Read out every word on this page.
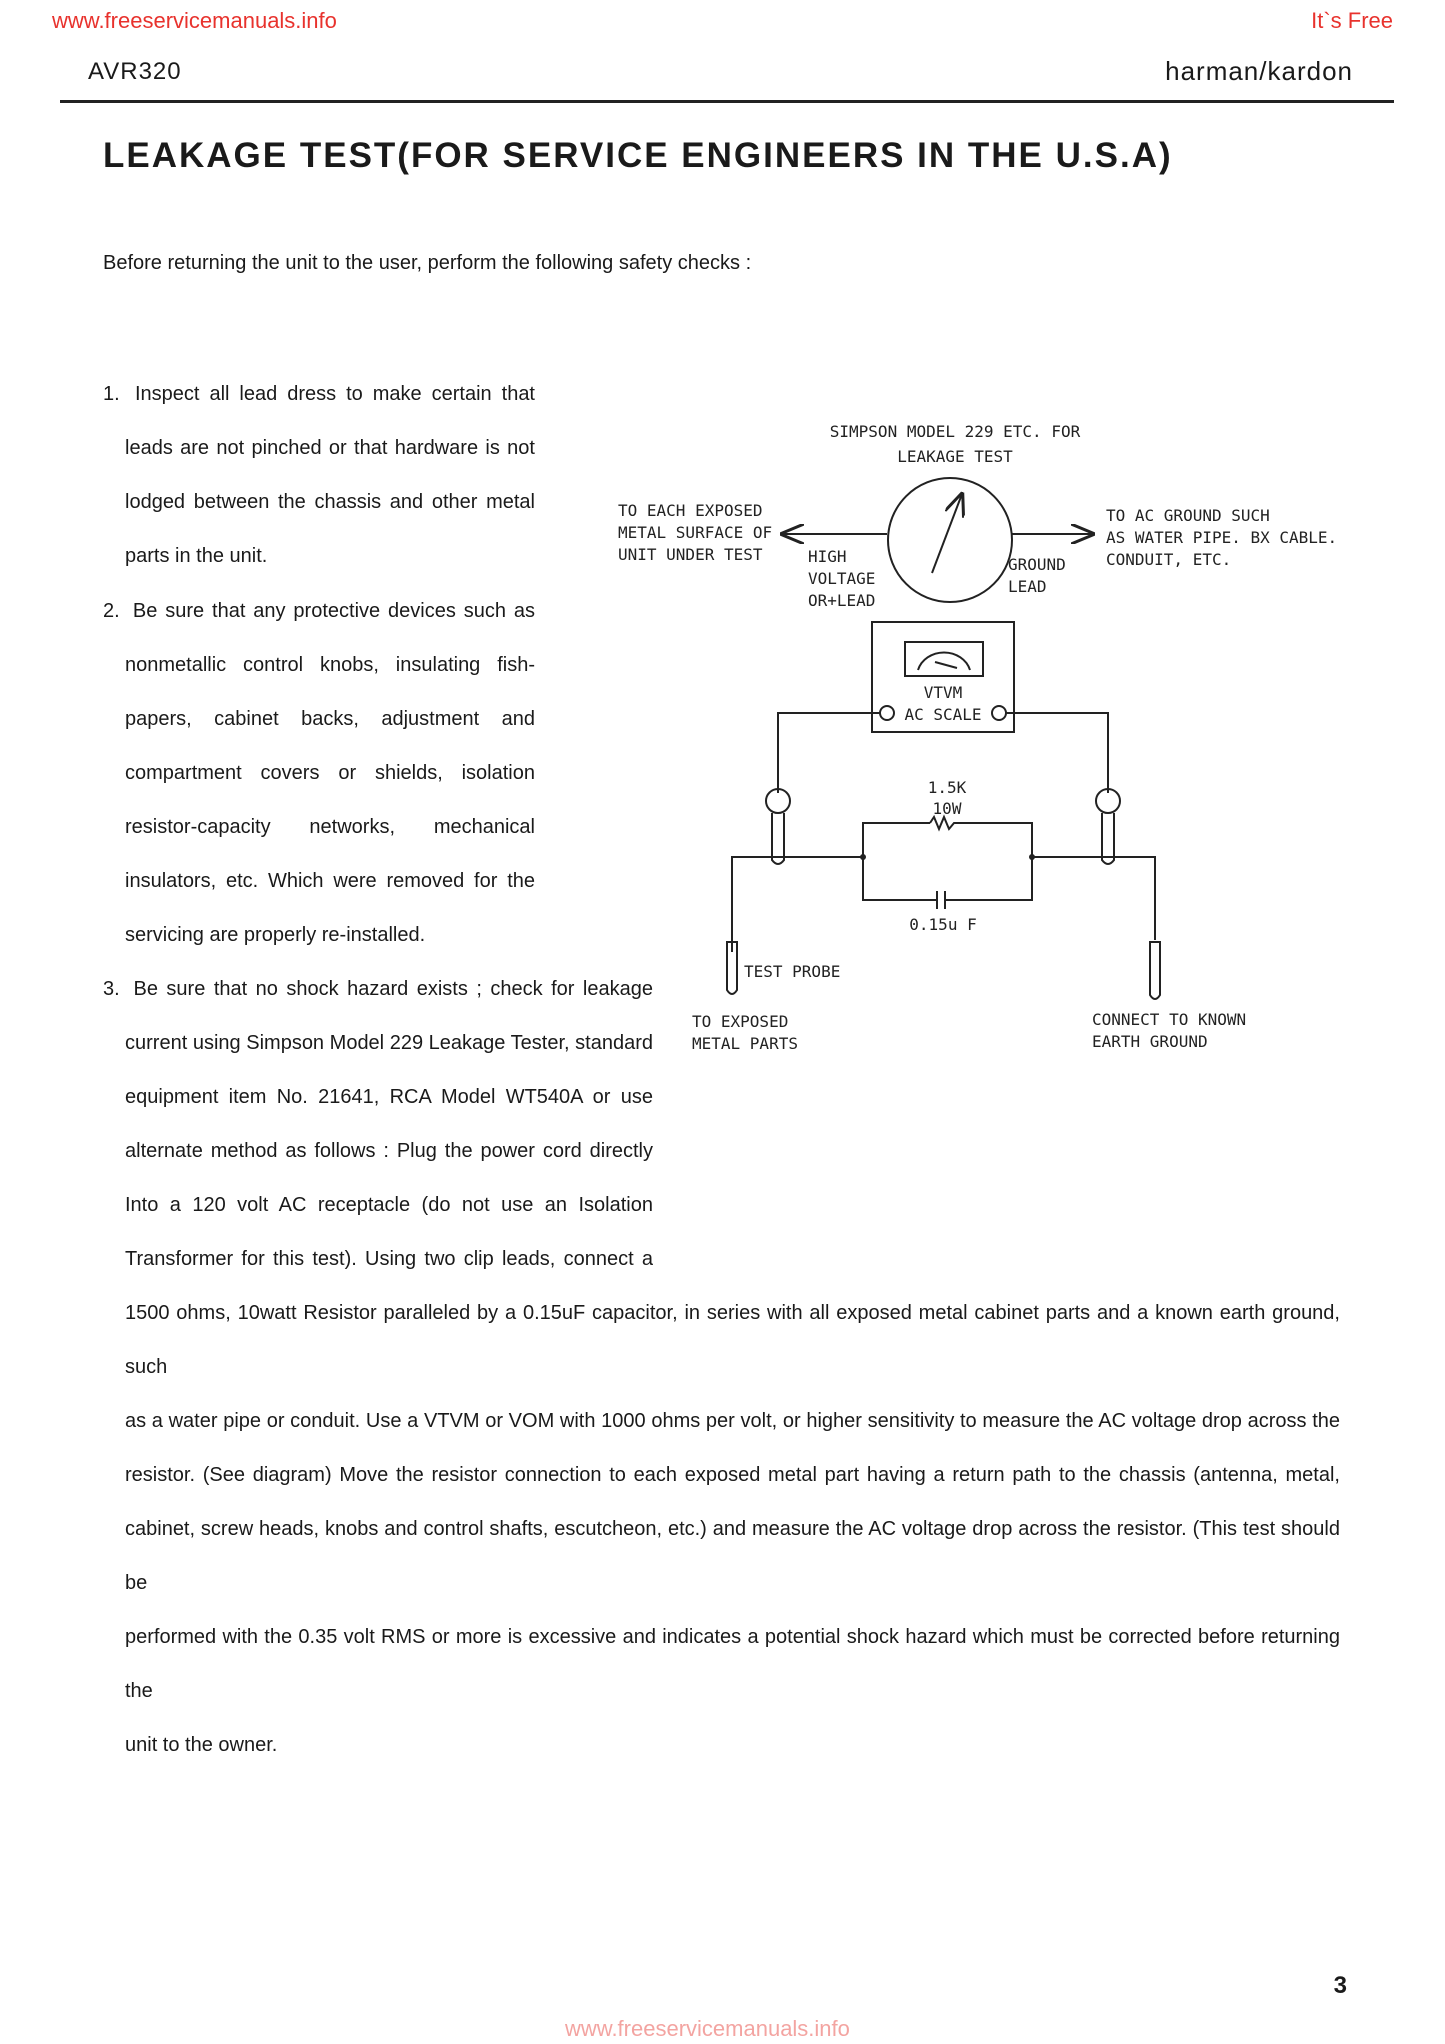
www.freeservicemanuals.info	It`s Free
AVR320	harman/kardon
LEAKAGE TEST(FOR SERVICE ENGINEERS IN THE U.S.A)
Before returning the unit to the user, perform the following safety checks :

1. Inspect all lead dress to make certain that

leads are not pinched or that hardware is not

lodged between the chassis and other metal

parts in the unit.

2. Be sure that any protective devices such as

nonmetallic control knobs, insulating fish-

papers, cabinet backs, adjustment and

compartment covers or shields, isolation

resistor-capacity networks, mechanical

insulators, etc. Which were removed for the

servicing are properly re-installed.

3. Be sure that no shock hazard exists ; check for leakage

current using Simpson Model 229 Leakage Tester, standard

equipment item No. 21641, RCA Model WT540A or use

alternate method as follows : Plug the power cord directly

Into a 120 volt AC receptacle (do not use an Isolation

Transformer for this test). Using two clip leads, connect a

1500 ohms, 10watt Resistor paralleled by a 0.15uF capacitor, in series with all exposed metal cabinet parts and a known earth ground, such

as a water pipe or conduit. Use a VTVM or VOM with 1000 ohms per volt, or higher sensitivity to measure the AC voltage drop across the

resistor. (See diagram) Move the resistor connection to each exposed metal part having a return path to the chassis (antenna, metal,

cabinet, screw heads, knobs and control shafts, escutcheon, etc.) and measure the AC voltage drop across the resistor. (This test should be

performed with the 0.35 volt RMS or more is excessive and indicates a potential shock hazard which must be corrected before returning the

unit to the owner.

SIMPSON MODEL 229 ETC. FOR
LEAKAGE TEST
TO EACH EXPOSED
METAL SURFACE OF
UNIT UNDER TEST	HIGH
VOLTAGE
OR+LEAD
GROUND
LEAD
TO AC GROUND SUCH
AS WATER PIPE. BX CABLE.
CONDUIT, ETC.
VTVM
AC SCALE
1.5K
10W
0.15u F
TEST PROBE
TO EXPOSED
METAL PARTS
CONNECT TO KNOWN
EARTH GROUND
3
www.freeservicemanuals.info
